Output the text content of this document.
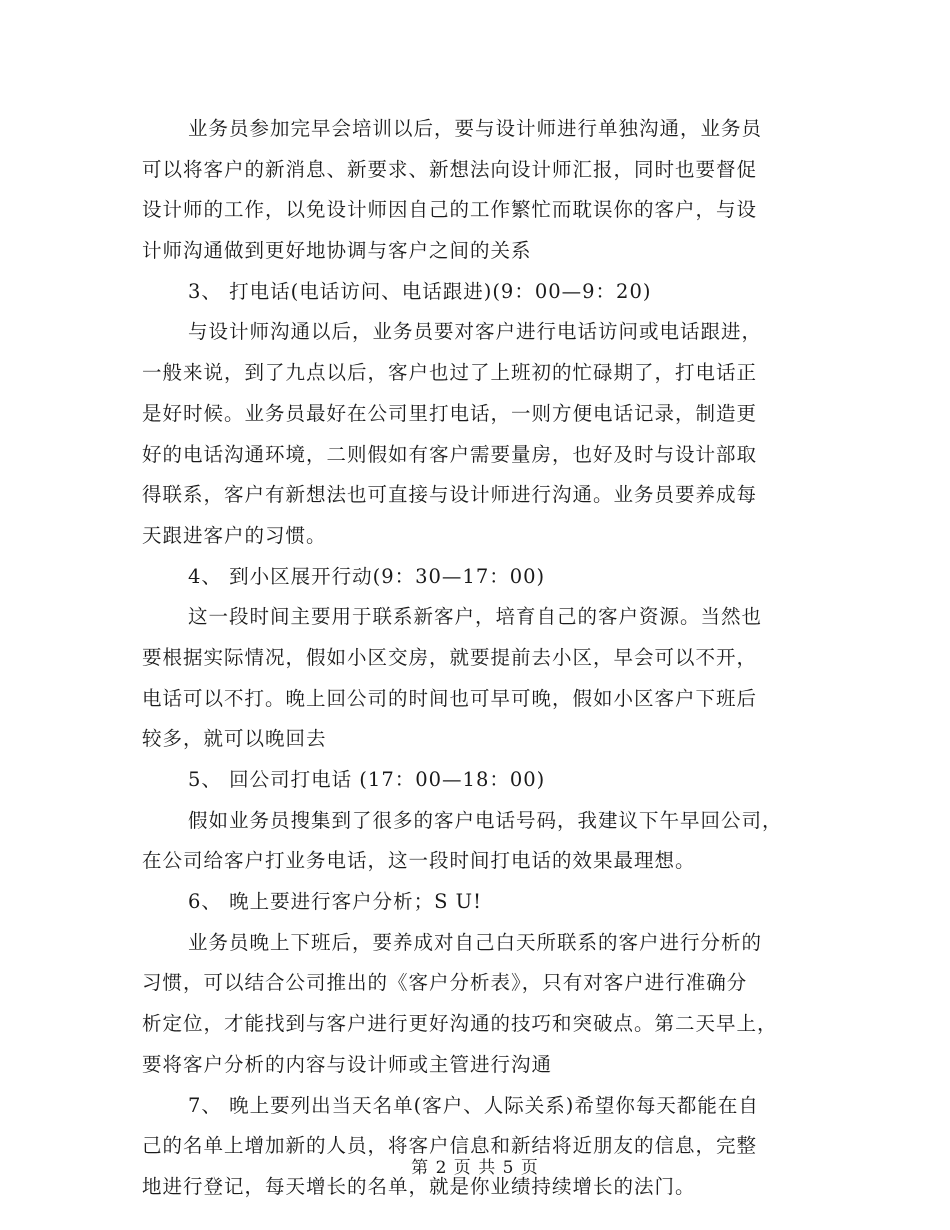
业务员参加完早会培训以后，要与设计师进行单独沟通，业务员
可以将客户的新消息、新要求、新想法向设计师汇报，同时也要督促
设计师的工作，以免设计师因自己的工作繁忙而耽误你的客户，与设
计师沟通做到更好地协调与客户之间的关系
3、 打电话(电话访问、电话跟进)(9：00—9：20)
与设计师沟通以后，业务员要对客户进行电话访问或电话跟进，
一般来说，到了九点以后，客户也过了上班初的忙碌期了，打电话正
是好时候。业务员最好在公司里打电话，一则方便电话记录，制造更
好的电话沟通环境，二则假如有客户需要量房，也好及时与设计部取
得联系，客户有新想法也可直接与设计师进行沟通。业务员要养成每
天跟进客户的习惯。
4、 到小区展开行动(9：30—17：00)
这一段时间主要用于联系新客户，培育自己的客户资源。当然也
要根据实际情况，假如小区交房，就要提前去小区，早会可以不开，
电话可以不打。晚上回公司的时间也可早可晚，假如小区客户下班后
较多，就可以晚回去
5、 回公司打电话 (17：00—18：00)
假如业务员搜集到了很多的客户电话号码，我建议下午早回公司，
在公司给客户打业务电话，这一段时间打电话的效果最理想。
6、 晚上要进行客户分析；S U!
业务员晚上下班后，要养成对自己白天所联系的客户进行分析的
习惯，可以结合公司推出的《客户分析表》，只有对客户进行准确分
析定位，才能找到与客户进行更好沟通的技巧和突破点。第二天早上，
要将客户分析的内容与设计师或主管进行沟通
7、 晚上要列出当天名单(客户、人际关系)希望你每天都能在自
己的名单上增加新的人员，将客户信息和新结将近朋友的信息，完整
地进行登记，每天增长的名单，就是你业绩持续增长的法门。
第 2 页 共 5 页
